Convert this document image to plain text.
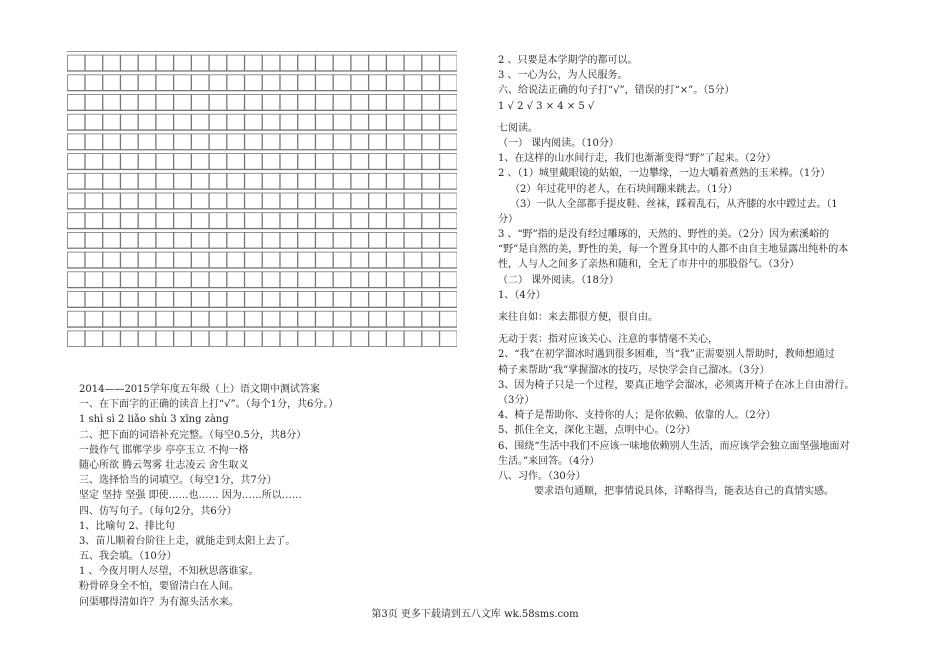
2014——2015学年度五年级（上）语文期中测试答案
一、在下面字的正确的读音上打“√”。（每个1分，共6分。）
1 shì sì 2 liǎo shù 3 xīng zàng
二、把下面的词语补充完整。（每空0.5分，共8分）
一鼓作气 邯郸学步 亭亭玉立 不拘一格
随心所欲 腾云驾雾 壮志凌云 舍生取义
三、选择恰当的词填空。（每空1分，共7分）
坚定 坚持 坚强 即使……也…… 因为……所以……
四、仿写句子。（每句2分，共6分）
1、比喻句 2、排比句
3、苗儿顺着台阶往上走，就能走到太阳上去了。
五、我会填。（10分）
1 、今夜月明人尽望，不知秋思落谁家。
粉骨碎身全不怕，要留清白在人间。
问渠哪得清如许？为有源头活水来。
2 、只要是本学期学的都可以。
3 、一心为公，为人民服务。
六、给说法正确的句子打“√”，错误的打“×”。（5分）
1 √ 2 √ 3 × 4 × 5 √
七阅读。
（一） 课内阅读。（10分）
1、在这样的山水间行走，我们也渐渐变得“野”了起来。（2分）
2 、（1）城里戴眼镜的姑娘，一边攀缘，一边大嚼着煮熟的玉米棒。（1分）
（2）年过花甲的老人，在石块间蹦来跳去。（1分）
（3）一队人全部都手提皮鞋、丝袜，踩着乱石，从齐膝的水中蹚过去。（1
分）
3 、“野”指的是没有经过雕琢的，天然的、野性的美。（2分）因为索溪峪的
“野”是自然的美，野性的美，每一个置身其中的人都不由自主地显露出纯朴的本
性，人与人之间多了亲热和随和，全无了市井中的那股俗气。（3分）
（二） 课外阅读。（18分）
1、（4分）
来往自如：来去都很方便，很自由。
无动于衷：指对应该关心、注意的事情毫不关心，
2、“我”在初学溜冰时遇到很多困难，当“我”正需要别人帮助时，教师想通过
椅子来帮助“我”掌握溜冰的技巧，尽快学会自己溜冰。（3分）
3、因为椅子只是一个过程，要真正地学会溜冰，必须离开椅子在冰上自由滑行。
（3分）
4、椅子是帮助你、支持你的人；是你依赖、依靠的人。（2分）
5、抓住全文，深化主题，点明中心。（2分）
6、围绕“生活中我们不应该一味地依赖别人生活，而应该学会独立面坚强地面对
生活。”来回答。（4分）
八、习作。（30分）
要求语句通顺，把事情说具体，详略得当，能表达自己的真情实感。
第3页 更多下载请到五八文库 wk.58sms.com
